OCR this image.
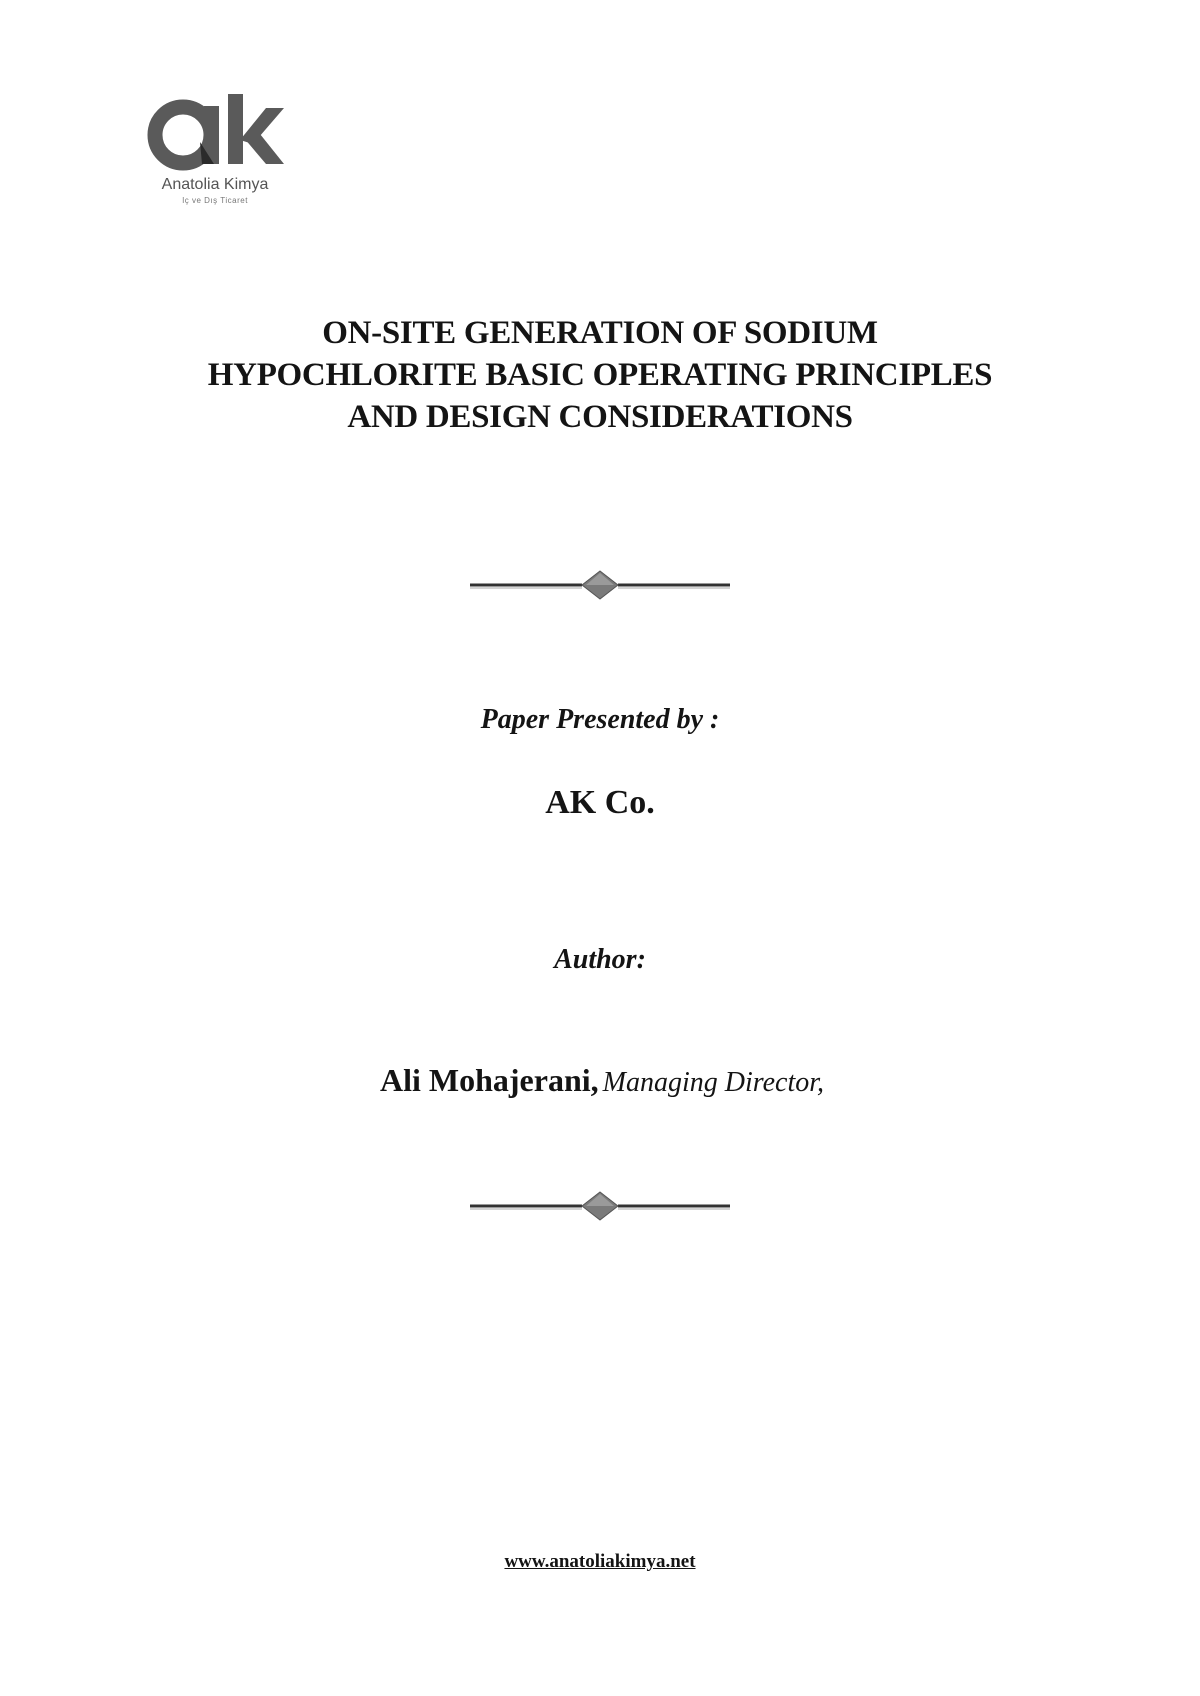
Anatolia Kimya
Iç ve Dış Ticaret
ON-SITE GENERATION OF SODIUM
HYPOCHLORITE BASIC OPERATING PRINCIPLES
AND DESIGN CONSIDERATIONS

Paper Presented by :

AK Co.

Author:

Ali Mohajerani, Managing Director,

www.anatoliakimya.net
